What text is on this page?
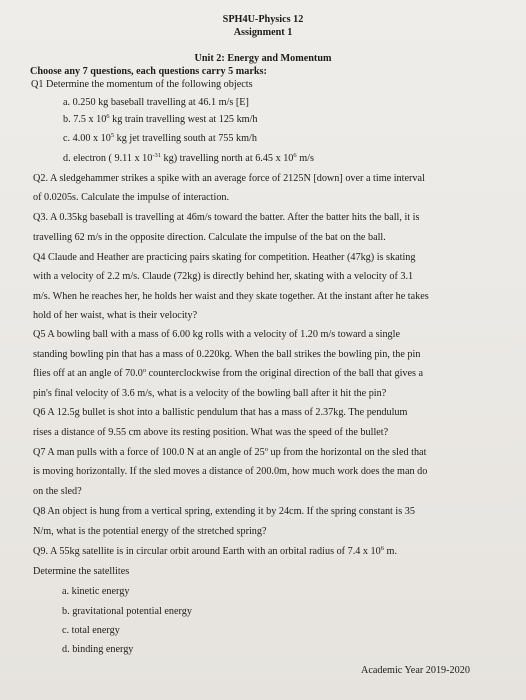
SPH4U-Physics 12
Assignment 1
Unit 2: Energy and Momentum
Choose any 7 questions, each questions carry 5 marks:
Q1 Determine the momentum of the following objects
a. 0.250 kg baseball travelling at 46.1 m/s [E]
b. 7.5 x $10^6$ kg train travelling west at 125 km/h
c. 4.00 x $10^5$ kg jet travelling south at 755 km/h
d. electron ( 9.11 x $10^{-31}$ kg) travelling north at 6.45 x $10^6$ m/s
Q2. A sledgehammer strikes a spike with an average force of 2125N [down] over a time interval
of 0.0205s. Calculate the impulse of interaction.
Q3. A 0.35kg baseball is travelling at 46m/s toward the batter. After the batter hits the ball, it is
travelling 62 m/s in the opposite direction. Calculate the impulse of the bat on the ball.
Q4 Claude and Heather are practicing pairs skating for competition. Heather (47kg) is skating
with a velocity of 2.2 m/s. Claude (72kg) is directly behind her, skating with a velocity of 3.1
m/s. When he reaches her, he holds her waist and they skate together. At the instant after he takes
hold of her waist, what is their velocity?
Q5 A bowling ball with a mass of 6.00 kg rolls with a velocity of 1.20 m/s toward a single
standing bowling pin that has a mass of 0.220kg. When the ball strikes the bowling pin, the pin
flies off at an angle of 70.0$^o$ counterclockwise from the original direction of the ball that gives a
pin's final velocity of 3.6 m/s, what is a velocity of the bowling ball after it hit the pin?
Q6 A 12.5g bullet is shot into a ballistic pendulum that has a mass of 2.37kg. The pendulum
rises a distance of 9.55 cm above its resting position. What was the speed of the bullet?
Q7 A man pulls with a force of 100.0 N at an angle of 25$^o$ up from the horizontal on the sled that
is moving horizontally. If the sled moves a distance of 200.0m, how much work does the man do
on the sled?
Q8 An object is hung from a vertical spring, extending it by 24cm. If the spring constant is 35
N/m, what is the potential energy of the stretched spring?
Q9. A 55kg satellite is in circular orbit around Earth with an orbital radius of 7.4 x $10^6$ m.
Determine the satellites
a. kinetic energy
b. gravitational potential energy
c. total energy
d. binding energy
Academic Year 2019-2020
